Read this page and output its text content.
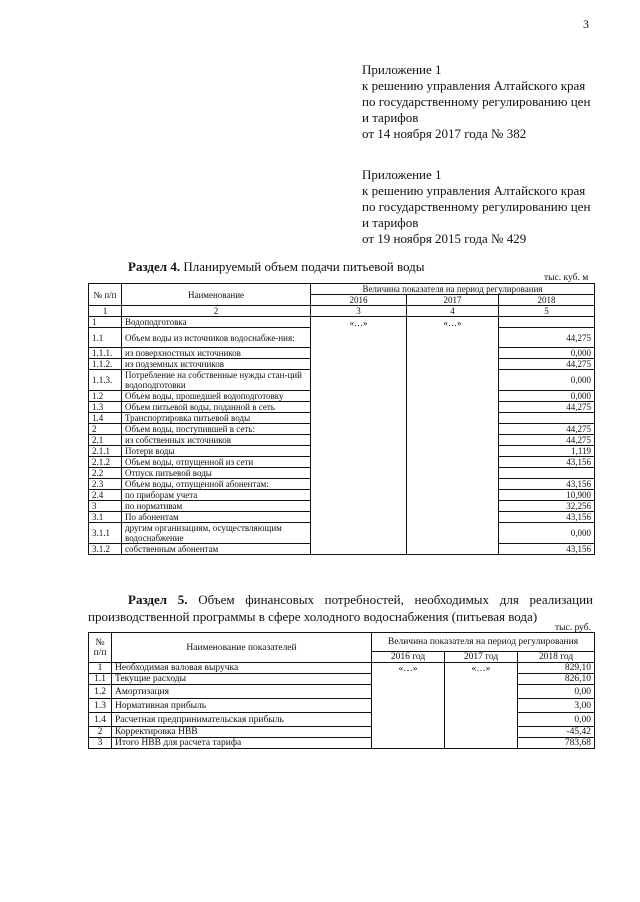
3
Приложение 1
к решению управления Алтайского края
по государственному регулированию цен
и тарифов
от 14 ноября 2017 года № 382
Приложение 1
к решению управления Алтайского края
по государственному регулированию цен
и тарифов
от 19 ноября 2015 года № 429
Раздел 4. Планируемый объем подачи питьевой воды
тыс. куб. м
№ п/п	Наименование	Величина показателя на период регулирования		
		2016	2017	2018
1	2	3	4	5
1	Водоподготовка	«…»	«…»	
1.1	Объем воды из источников водоснабже-ния:			44,275
1.1.1.	из поверхностных источников			0,000
1.1.2.	из подземных источников			44,275
1.1.3.	Потребление на собственные нужды стан-ций водоподготовки			0,000
1.2	Объем воды, прошедшей водоподготовку			0,000
1.3	Объем питьевой воды, поданной в сеть			44,275
1.4	Транспортировка питьевой воды			
2	Объем воды, поступившей в сеть:			44,275
2.1	из собственных источников			44,275
2.1.1	Потери воды			1,119
2.1.2	Объем воды, отпущенной из сети			43,156
2.2	Отпуск питьевой воды			
2.3	Объем воды, отпущенной абонентам:			43,156
2.4	по приборам учета			10,900
3	по нормативам			32,256
3.1	По абонентам			43,156
3.1.1	другим организациям, осуществляющим водоснабжение			0,000
3.1.2	собственным абонентам			43,156
Раздел 5. Объем финансовых потребностей, необходимых для реализации производственной программы в сфере холодного водоснабжения (питьевая вода)
тыс. руб.
№ п/п	Наименование показателей	Величина показателя на период регулирования		
		2016 год	2017 год	2018 год
1	Необходимая валовая выручка	«…»	«…»	829,10
1.1	Текущие расходы			826,10
1.2	Амортизация			0,00
1.3	Нормативная прибыль			3,00
1.4	Расчетная предпринимательская прибыль			0,00
2	Корректировка НВВ			-45,42
3	Итого НВВ для расчета тарифа			783,68
